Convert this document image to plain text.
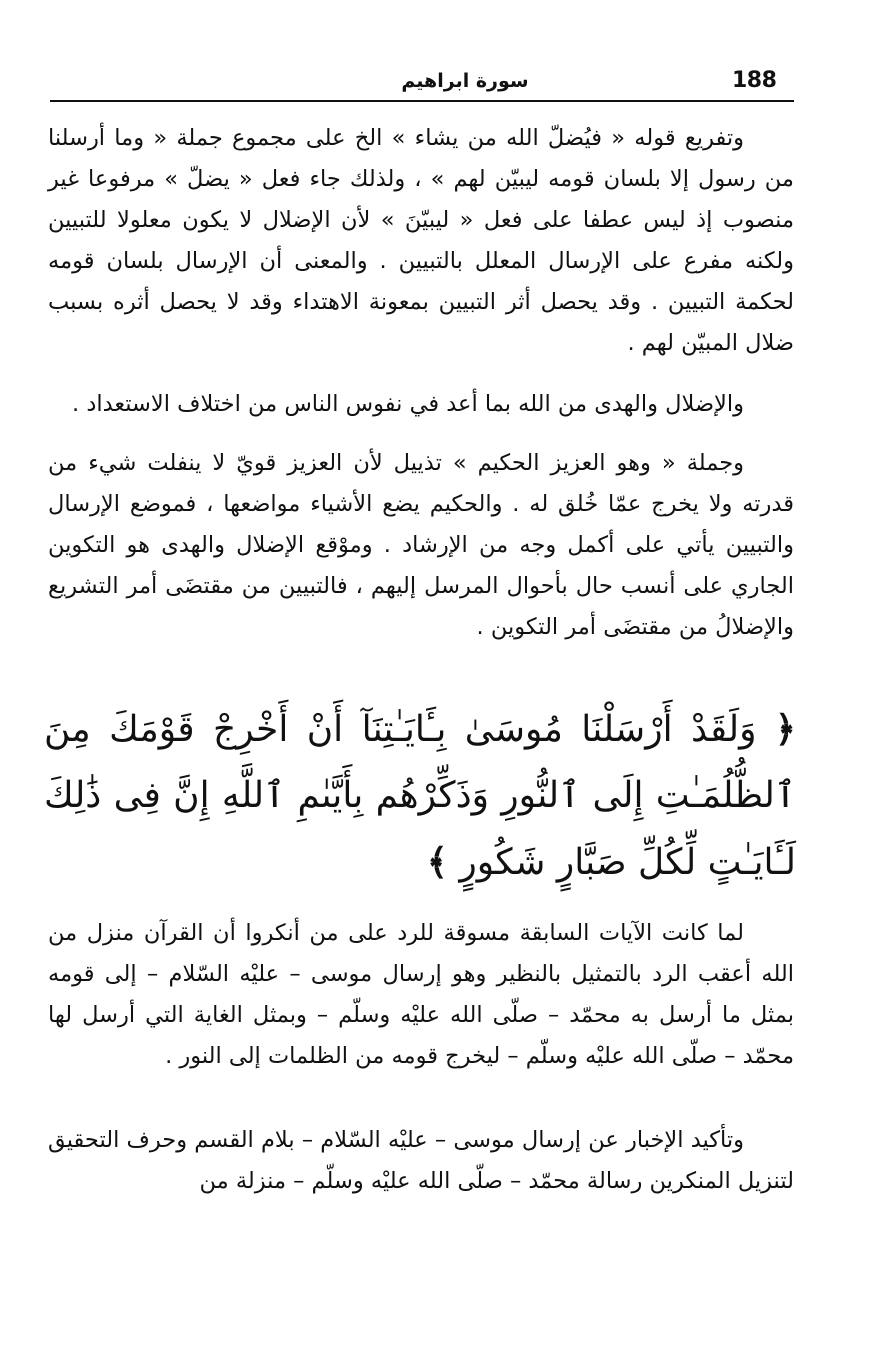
188
سورة ابراهيم

وتفريع قوله « فيُضلّ الله من يشاء » الخ على مجموع جملة « وما أرسلنا من رسول إلا بلسان قومه ليبيّن لهم » ، ولذلك جاء فعل « يضلّ » مرفوعا غير منصوب إذ ليس عطفا على فعل « ليبيّنَ » لأن الإضلال لا يكون معلولا للتبيين ولكنه مفرع على الإرسال المعلل بالتبيين . والمعنى أن الإرسال بلسان قومه لحكمة التبيين . وقد يحصل أثر التبيين بمعونة الاهتداء وقد لا يحصل أثره بسبب ضلال المبيّن لهم .

والإضلال والهدى من الله بما أعد في نفوس الناس من اختلاف الاستعداد .

وجملة « وهو العزيز الحكيم » تذييل لأن العزيز قويّ لا ينفلت شيء من قدرته ولا يخرج عمّا خُلق له . والحكيم يضع الأشياء مواضعها ، فموضع الإرسال والتبيين يأتي على أكمل وجه من الإرشاد . وموْقع الإضلال والهدى هو التكوين الجاري على أنسب حال بأحوال المرسل إليهم ، فالتبيين من مقتضَى أمر التشريع والإضلالُ من مقتضَى أمر التكوين .

﴿ وَلَقَدْ أَرْسَلْنَا مُوسَىٰ بِـَٔايَـٰتِنَآ أَنْ أَخْرِجْ قَوْمَكَ مِنَ ٱلظُّلُمَـٰتِ إِلَى ٱلنُّورِ وَذَكِّرْهُم بِأَيَّىٰمِ ٱللَّهِ إِنَّ فِى ذَٰلِكَ لَـَٔايَـٰتٍ لِّكُلِّ صَبَّارٍ شَكُورٍ ﴾

لما كانت الآيات السابقة مسوقة للرد على من أنكروا أن القرآن منزل من الله أعقب الرد بالتمثيل بالنظير وهو إرسال موسى – عليْه السّلام – إلى قومه بمثل ما أرسل به محمّد – صلّى الله عليْه وسلّم – وبمثل الغاية التي أرسل لها محمّد – صلّى الله عليْه وسلّم – ليخرج قومه من الظلمات إلى النور .

وتأكيد الإخبار عن إرسال موسى – عليْه السّلام – بلام القسم وحرف التحقيق لتنزيل المنكرين رسالة محمّد – صلّى الله عليْه وسلّم – منزلة من
